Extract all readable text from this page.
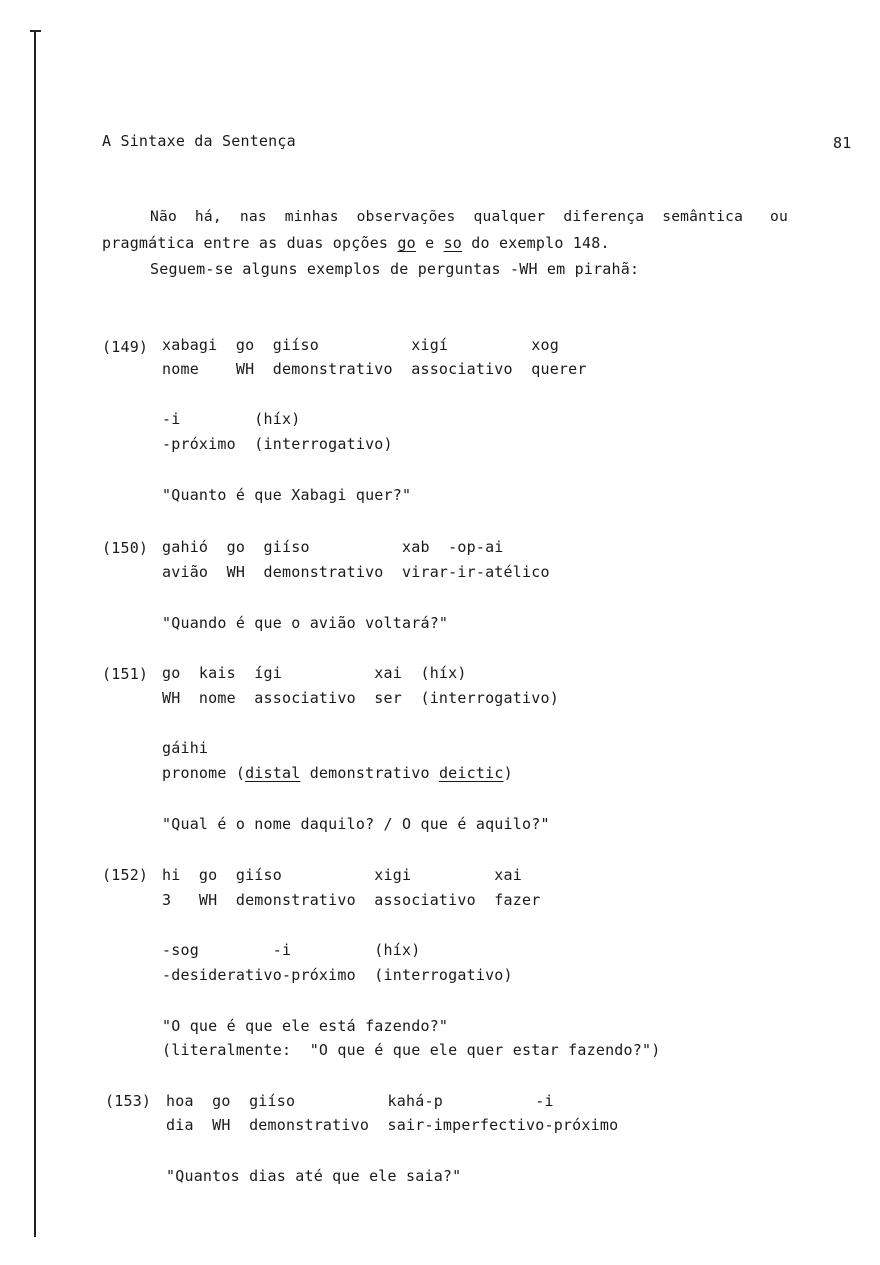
A Sintaxe da Sentença	81
Não  há,  nas  minhas  observações  qualquer  diferença  semântica   ou
pragmática entre as duas opções go e so do exemplo 148.
Seguem-se alguns exemplos de perguntas -WH em pirahã:
(149) xabagi  go  giíso          xigí         xog
nome    WH  demonstrativo  associativo  querer
-i        (híx)
-próximo  (interrogativo)
"Quanto é que Xabagi quer?"
(150) gahió  go  giíso          xab  -op-ai
avião  WH  demonstrativo  virar-ir-atélico
"Quando é que o avião voltará?"
(151) go  kais  ígi          xai  (híx)
WH  nome  associativo  ser  (interrogativo)
gáihi
pronome (distal demonstrativo deictic)
"Qual é o nome daquilo? / O que é aquilo?"
(152) hi  go  giíso          xigi         xai
3   WH  demonstrativo  associativo  fazer
-sog        -i         (híx)
-desiderativo-próximo  (interrogativo)
"O que é que ele está fazendo?"
(literalmente:  "O que é que ele quer estar fazendo?")
(153) hoa  go  giíso          kahá-p          -i
dia  WH  demonstrativo  sair-imperfectivo-próximo
"Quantos dias até que ele saia?"
